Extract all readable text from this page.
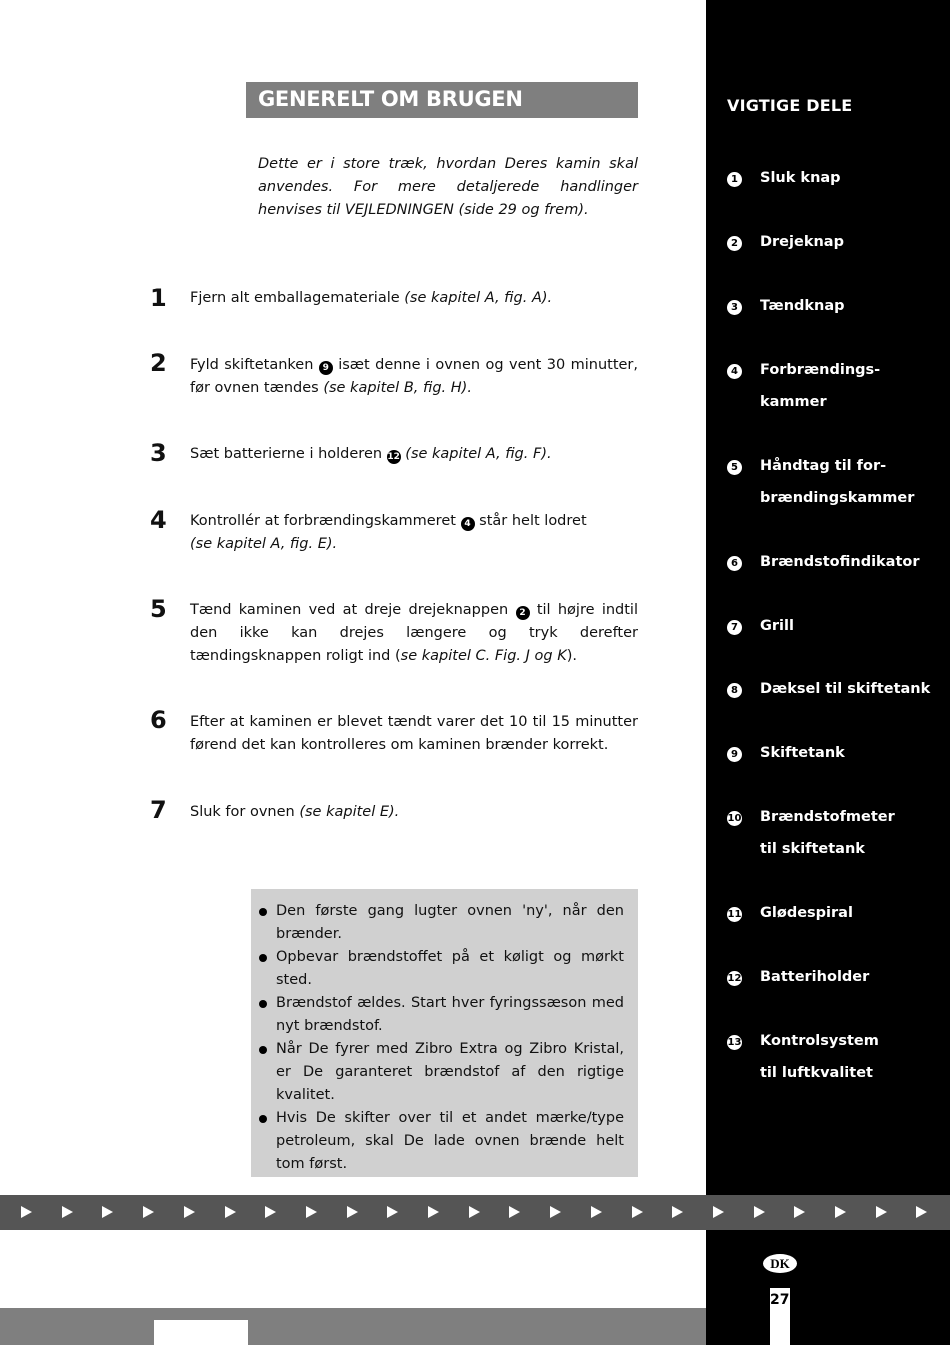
VIGTIGE DELE
1 Sluk knap
2 Drejeknap
3 Tændknap
4 Forbrændings-kammer
5 Håndtag til for-brændingskammer
6 Brændstofindikator
7 Grill
8 Dæksel til skiftetank
9 Skiftetank
10 Brændstofmeter til skiftetank
11 Glødespiral
12 Batteriholder
13 Kontrolsystem til luftkvalitet
GENERELT OM BRUGEN
Dette er i store træk, hvordan Deres kamin skal anvendes. For mere detaljerede handlinger henvises til VEJLEDNINGEN (side 29 og frem).
1 Fjern alt emballagemateriale (se kapitel A, fig. A).
2 Fyld skiftetanken 9 isæt denne i ovnen og vent 30 minutter, før ovnen tændes (se kapitel B, fig. H).
3 Sæt batterierne i holderen 12 (se kapitel A, fig. F).
4 Kontrollér at forbrændingskammeret 4 står helt lodret
(se kapitel A, fig. E).
5 Tænd kaminen ved at dreje drejeknappen 2 til højre indtil den ikke kan drejes længere og tryk derefter tændingsknappen roligt ind (se kapitel C. Fig. J og K).
6 Efter at kaminen er blevet tændt varer det 10 til 15 minutter førend det kan kontrolleres om kaminen brænder korrekt.
7 Sluk for ovnen (se kapitel E).
Den første gang lugter ovnen 'ny', når den brænder.
Opbevar brændstoffet på et køligt og mørkt sted.
Brændstof ældes. Start hver fyringssæson med nyt brændstof.
Når De fyrer med Zibro Extra og Zibro Kristal, er De garanteret brændstof af den rigtige kvalitet.
Hvis De skifter over til et andet mærke/type petroleum, skal De lade ovnen brænde helt tom først.
DK
27
